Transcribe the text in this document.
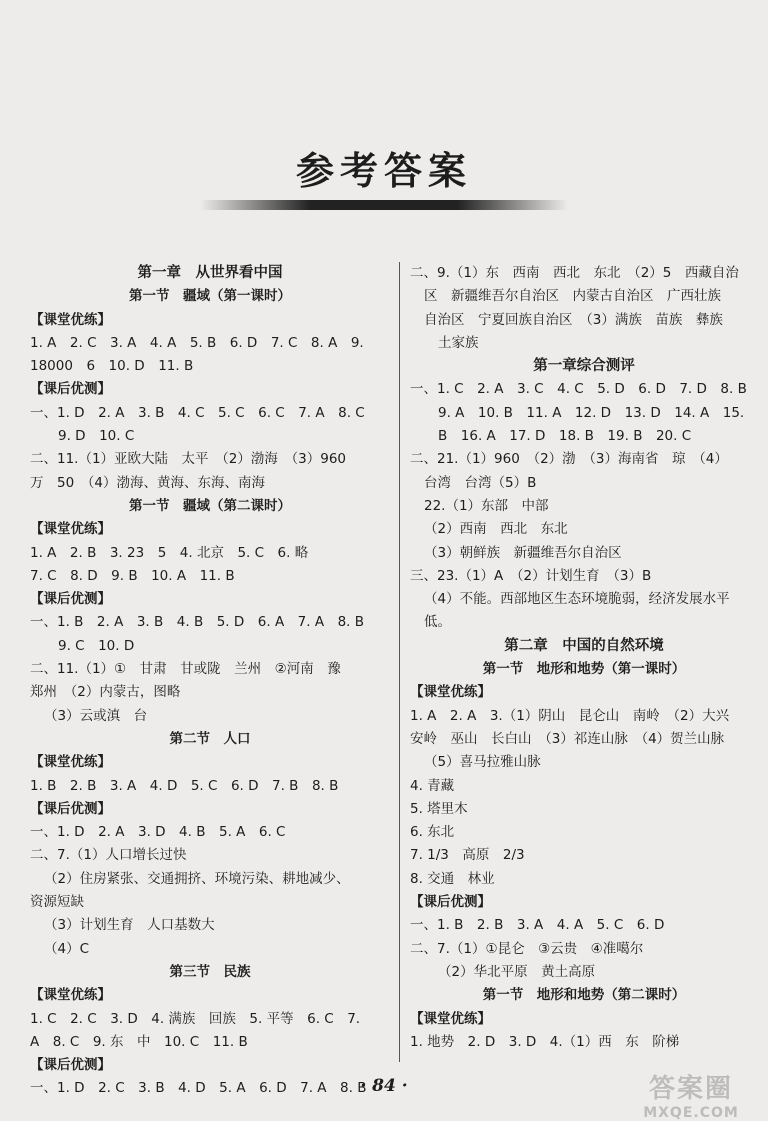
参考答案
第一章　从世界看中国
第一节　疆域（第一课时）
【课堂优练】
1. A　2. C　3. A　4. A　5. B　6. D　7. C　8. A　9.
18000　6　10. D　11. B
【课后优测】
一、1. D　2. A　3. B　4. C　5. C　6. C　7. A　8. C
9. D　10. C
二、11.（1）亚欧大陆　太平　（2）渤海　（3）960
万　50　（4）渤海、黄海、东海、南海
第一节　疆域（第二课时）
【课堂优练】
1. A　2. B　3. 23　5　4. 北京　5. C　6. 略
7. C　8. D　9. B　10. A　11. B
【课后优测】
一、1. B　2. A　3. B　4. B　5. D　6. A　7. A　8. B
9. C　10. D
二、11.（1）①　甘肃　甘或陇　兰州　②河南　豫
郑州　（2）内蒙古，图略
（3）云或滇　台
第二节　人口
【课堂优练】
1. B　2. B　3. A　4. D　5. C　6. D　7. B　8. B
【课后优测】
一、1. D　2. A　3. D　4. B　5. A　6. C
二、7.（1）人口增长过快
（2）住房紧张、交通拥挤、环境污染、耕地减少、
资源短缺
（3）计划生育　人口基数大
（4）C
第三节　民族
【课堂优练】
1. C　2. C　3. D　4. 满族　回族　5. 平等　6. C　7.
A　8. C　9. 东　中　10. C　11. B
【课后优测】
一、1. D　2. C　3. B　4. D　5. A　6. D　7. A　8. B
二、9.（1）东　西南　西北　东北　（2）5　西藏自治
区　新疆维吾尔自治区　内蒙古自治区　广西壮族
自治区　宁夏回族自治区　（3）满族　苗族　彝族
土家族
第一章综合测评
一、1. C　2. A　3. C　4. C　5. D　6. D　7. D　8. B
9. A　10. B　11. A　12. D　13. D　14. A　15.
B　16. A　17. D　18. B　19. B　20. C
二、21.（1）960　（2）渤　（3）海南省　琼　（4）
台湾　台湾（5）B
22.（1）东部　中部
（2）西南　西北　东北
（3）朝鲜族　新疆维吾尔自治区
三、23.（1）A　（2）计划生育　（3）B
（4）不能。西部地区生态环境脆弱，经济发展水平
低。
第二章　中国的自然环境
第一节　地形和地势（第一课时）
【课堂优练】
1. A　2. A　3.（1）阴山　昆仑山　南岭　（2）大兴
安岭　巫山　长白山　（3）祁连山脉　（4）贺兰山脉
（5）喜马拉雅山脉
4. 青藏
5. 塔里木
6. 东北
7. 1/3　高原　2/3
8. 交通　林业
【课后优测】
一、1. B　2. B　3. A　4. A　5. C　6. D
二、7.（1）①昆仑　③云贵　④准噶尔
（2）华北平原　黄土高原
第一节　地形和地势（第二课时）
【课堂优练】
1. 地势　2. D　3. D　4.（1）西　东　阶梯
· 84 ·	答案圈
MXQE.COM
